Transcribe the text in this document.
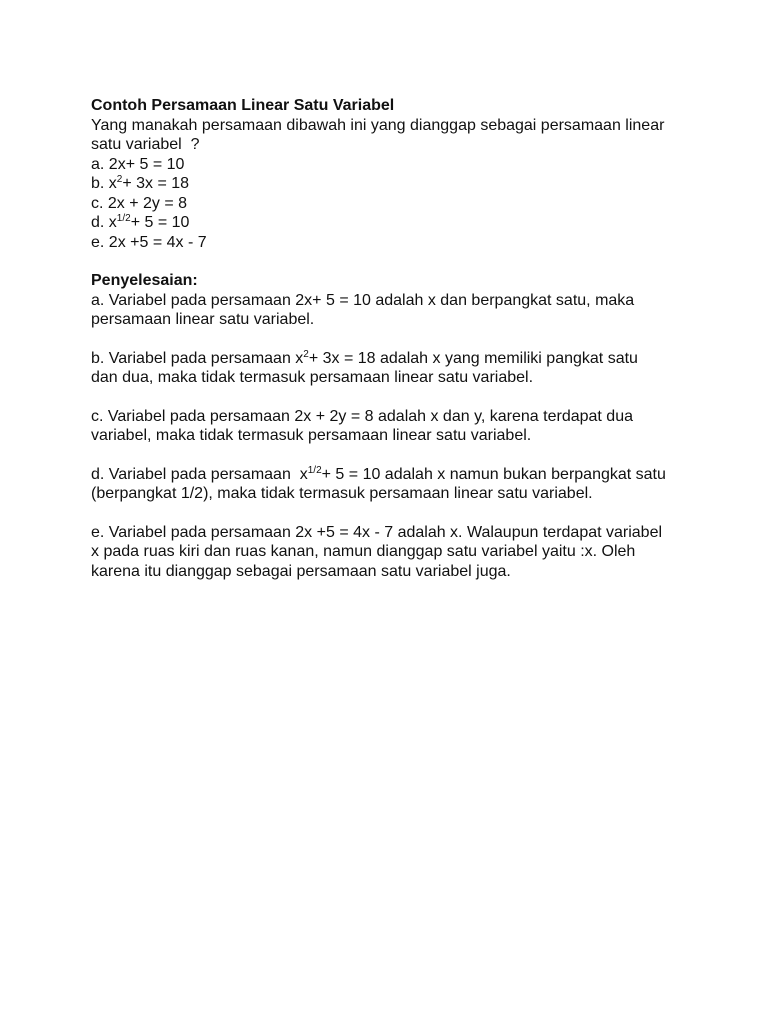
Contoh Persamaan Linear Satu Variabel
Yang manakah persamaan dibawah ini yang dianggap sebagai persamaan linear
satu variabel  ?
a. 2x+ 5 = 10
b. $x^2+ 3x = 18$
c. 2x + 2y = 8
d. $x^{1/2}+ 5 = 10$
e. 2x +5 = 4x - 7
Penyelesaian:
a. Variabel pada persamaan 2x+ 5 = 10 adalah x dan berpangkat satu, maka
persamaan linear satu variabel.
b. Variabel pada persamaan $x^2+ 3x = 18$ adalah x yang memiliki pangkat satu
dan dua, maka tidak termasuk persamaan linear satu variabel.
c. Variabel pada persamaan 2x + 2y = 8 adalah x dan y, karena terdapat dua
variabel, maka tidak termasuk persamaan linear satu variabel.
d. Variabel pada persamaan  $x^{1/2}+ 5 = 10$ adalah x namun bukan berpangkat satu
(berpangkat 1/2), maka tidak termasuk persamaan linear satu variabel.
e. Variabel pada persamaan 2x +5 = 4x - 7 adalah x. Walaupun terdapat variabel
x pada ruas kiri dan ruas kanan, namun dianggap satu variabel yaitu :x. Oleh
karena itu dianggap sebagai persamaan satu variabel juga.
